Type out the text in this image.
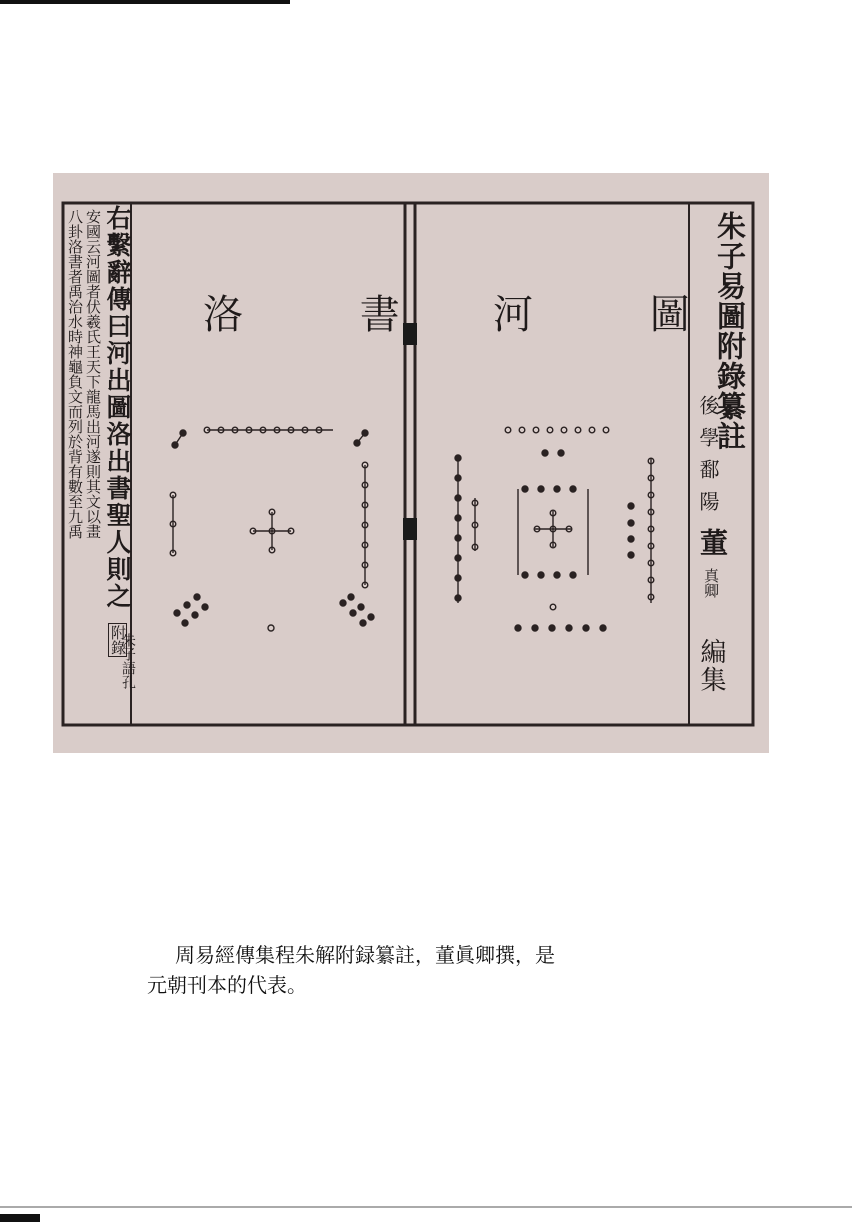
右繫辭傳曰河出圖洛出書聖人則之
安國云河圖者伏羲氏王天下龍馬出河遂則其文以畫
八卦洛書者禹治水時神龜負文而列於背有數至九禹
附錄
朱子語孔
洛 書 河 圖
朱子易圖附錄纂註
後學鄱陽
董
真卿
編集
周易經傳集程朱解附録纂註，董眞卿撰，是
元朝刊本的代表。
